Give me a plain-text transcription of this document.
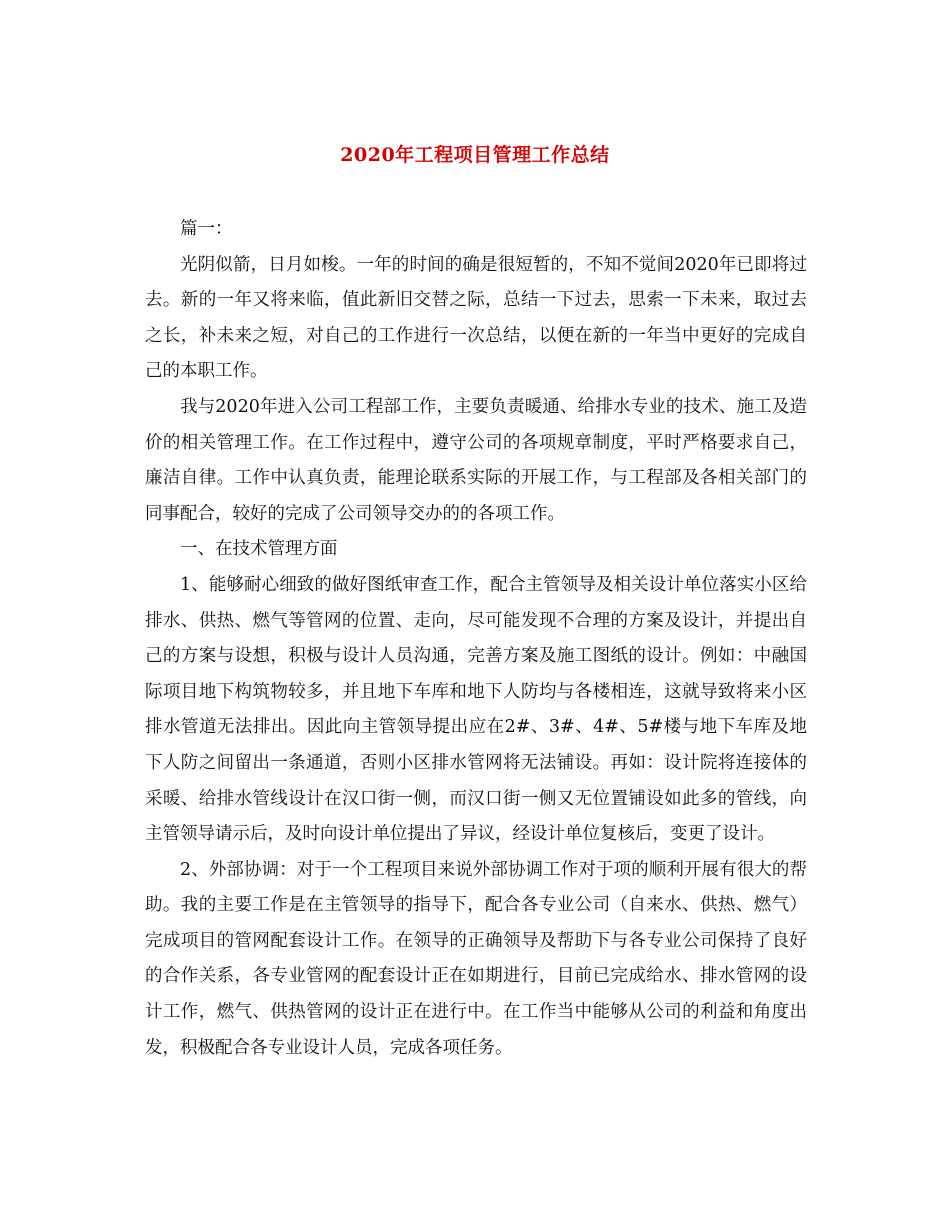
2020年工程项目管理工作总结

篇一：

光阴似箭，日月如梭。一年的时间的确是很短暂的，不知不觉间2020年已即将过去。新的一年又将来临，值此新旧交替之际，总结一下过去，思索一下未来，取过去之长，补未来之短，对自己的工作进行一次总结，以便在新的一年当中更好的完成自己的本职工作。

我与2020年进入公司工程部工作，主要负责暖通、给排水专业的技术、施工及造价的相关管理工作。在工作过程中，遵守公司的各项规章制度，平时严格要求自己，廉洁自律。工作中认真负责，能理论联系实际的开展工作，与工程部及各相关部门的同事配合，较好的完成了公司领导交办的的各项工作。

一、在技术管理方面

1、能够耐心细致的做好图纸审查工作，配合主管领导及相关设计单位落实小区给排水、供热、燃气等管网的位置、走向，尽可能发现不合理的方案及设计，并提出自己的方案与设想，积极与设计人员沟通，完善方案及施工图纸的设计。例如：中融国际项目地下构筑物较多，并且地下车库和地下人防均与各楼相连，这就导致将来小区排水管道无法排出。因此向主管领导提出应在2#、3#、4#、5#楼与地下车库及地下人防之间留出一条通道，否则小区排水管网将无法铺设。再如：设计院将连接体的采暖、给排水管线设计在汉口街一侧，而汉口街一侧又无位置铺设如此多的管线，向主管领导请示后，及时向设计单位提出了异议，经设计单位复核后，变更了设计。

2、外部协调：对于一个工程项目来说外部协调工作对于项的顺利开展有很大的帮助。我的主要工作是在主管领导的指导下，配合各专业公司（自来水、供热、燃气）完成项目的管网配套设计工作。在领导的正确领导及帮助下与各专业公司保持了良好的合作关系，各专业管网的配套设计正在如期进行，目前已完成给水、排水管网的设计工作，燃气、供热管网的设计正在进行中。在工作当中能够从公司的利益和角度出发，积极配合各专业设计人员，完成各项任务。
